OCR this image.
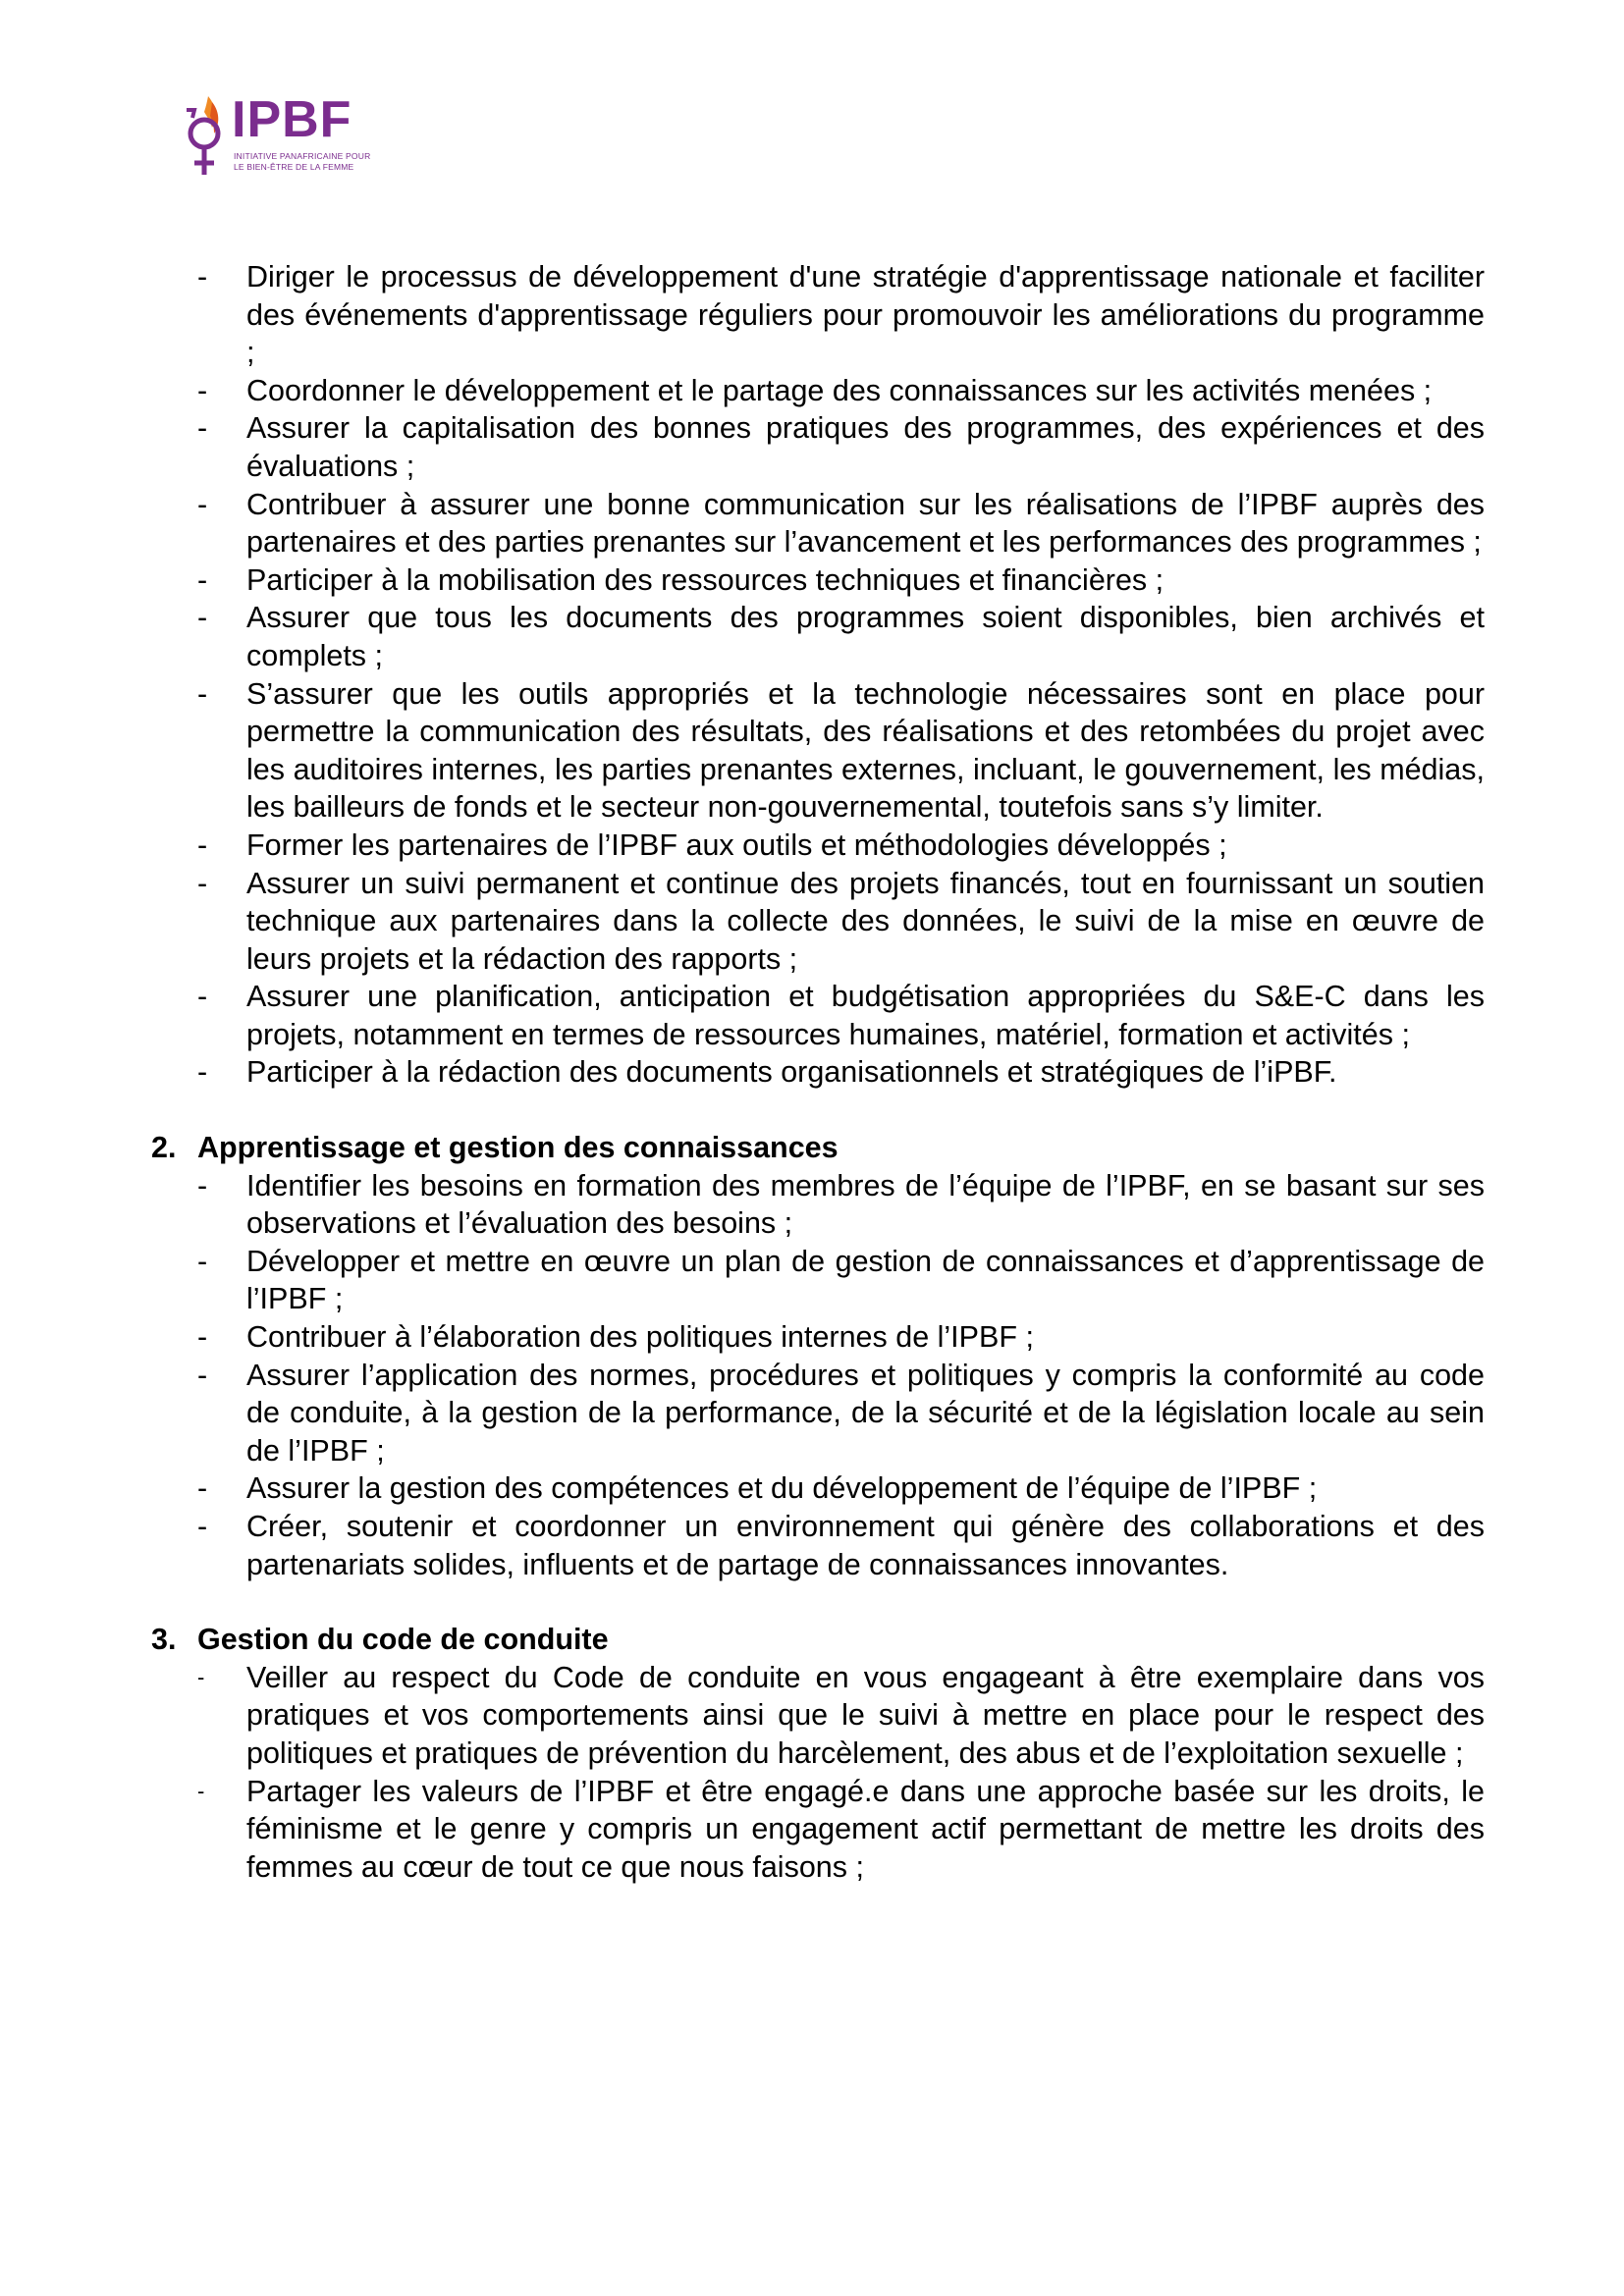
IPBF
INITIATIVE PANAFRICAINE POUR
LE BIEN-ÊTRE DE LA FEMME
- Diriger le processus de développement d'une stratégie d'apprentissage nationale et faciliter des événements d'apprentissage réguliers pour promouvoir les améliorations du programme ;
- Coordonner le développement et le partage des connaissances sur les activités menées ;
- Assurer la capitalisation des bonnes pratiques des programmes, des expériences et des évaluations ;
- Contribuer à assurer une bonne communication sur les réalisations de l’IPBF auprès des partenaires et des parties prenantes sur l’avancement et les performances des programmes ;
- Participer à la mobilisation des ressources techniques et financières ;
- Assurer que tous les documents des programmes soient disponibles, bien archivés et complets ;
- S’assurer que les outils appropriés et la technologie nécessaires sont en place pour permettre la communication des résultats, des réalisations et des retombées du projet avec les auditoires internes, les parties prenantes externes, incluant, le gouvernement, les médias, les bailleurs de fonds et le secteur non-gouvernemental, toutefois sans s’y limiter.
- Former les partenaires de l’IPBF aux outils et méthodologies développés ;
- Assurer un suivi permanent et continue des projets financés, tout en fournissant un soutien technique aux partenaires dans la collecte des données, le suivi de la mise en œuvre de leurs projets et la rédaction des rapports ;
- Assurer une planification, anticipation et budgétisation appropriées du S&E-C dans les projets, notamment en termes de ressources humaines, matériel, formation et activités ;
- Participer à la rédaction des documents organisationnels et stratégiques de l’iPBF.
2. Apprentissage et gestion des connaissances
- Identifier les besoins en formation des membres de l’équipe de l’IPBF, en se basant sur ses observations et l’évaluation des besoins ;
- Développer et mettre en œuvre un plan de gestion de connaissances et d’apprentissage de l’IPBF ;
- Contribuer à l’élaboration des politiques internes de l’IPBF ;
- Assurer l’application des normes, procédures et politiques y compris la conformité au code de conduite, à la gestion de la performance, de la sécurité et de la législation locale au sein de l’IPBF ;
- Assurer la gestion des compétences et du développement de l’équipe de l’IPBF ;
- Créer, soutenir et coordonner un environnement qui génère des collaborations et des partenariats solides, influents et de partage de connaissances innovantes.
3. Gestion du code de conduite
- Veiller au respect du Code de conduite en vous engageant à être exemplaire dans vos pratiques et vos comportements ainsi que le suivi à mettre en place pour le respect des politiques et pratiques de prévention du harcèlement, des abus et de l’exploitation sexuelle ;
- Partager les valeurs de l’IPBF et être engagé.e dans une approche basée sur les droits, le féminisme et le genre y compris un engagement actif permettant de mettre les droits des femmes au cœur de tout ce que nous faisons ;
